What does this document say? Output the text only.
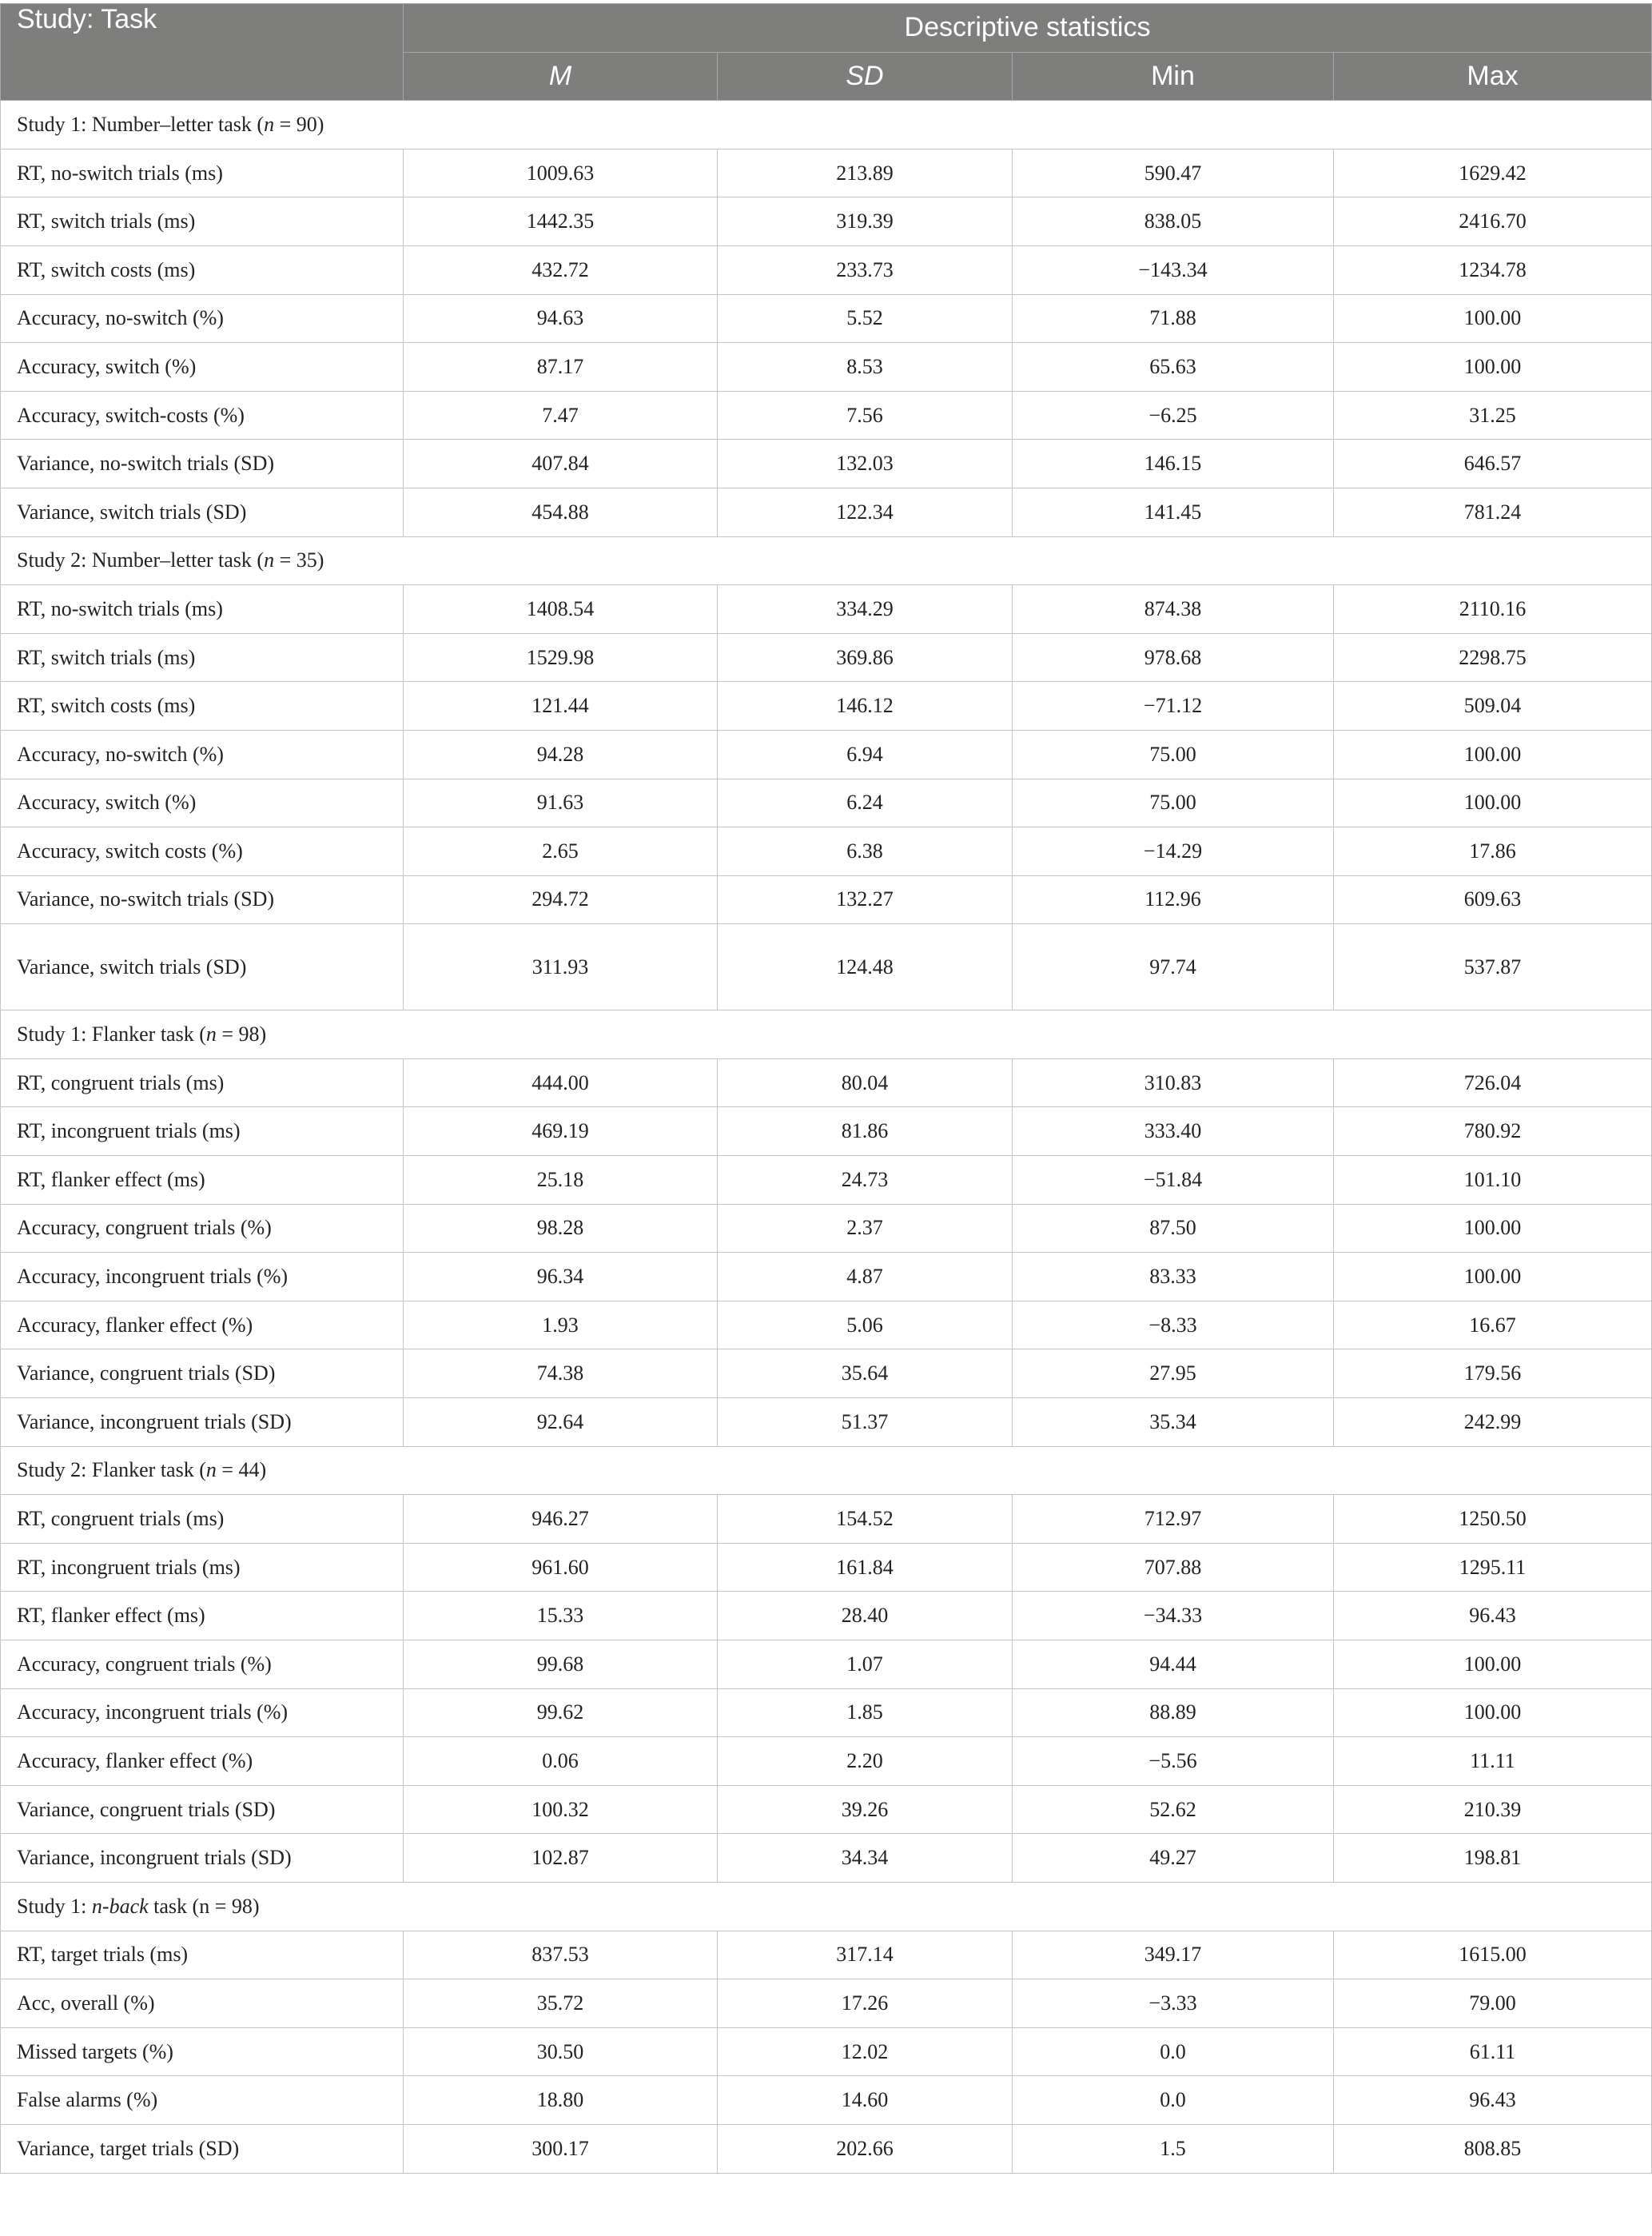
Study: Task	Descriptive statistics			
	M	SD	Min	Max
Study 1: Number–letter task (n = 90)				
RT, no-switch trials (ms)	1009.63	213.89	590.47	1629.42
RT, switch trials (ms)	1442.35	319.39	838.05	2416.70
RT, switch costs (ms)	432.72	233.73	−143.34	1234.78
Accuracy, no-switch (%)	94.63	5.52	71.88	100.00
Accuracy, switch (%)	87.17	8.53	65.63	100.00
Accuracy, switch-costs (%)	7.47	7.56	−6.25	31.25
Variance, no-switch trials (SD)	407.84	132.03	146.15	646.57
Variance, switch trials (SD)	454.88	122.34	141.45	781.24
Study 2: Number–letter task (n = 35)				
RT, no-switch trials (ms)	1408.54	334.29	874.38	2110.16
RT, switch trials (ms)	1529.98	369.86	978.68	2298.75
RT, switch costs (ms)	121.44	146.12	−71.12	509.04
Accuracy, no-switch (%)	94.28	6.94	75.00	100.00
Accuracy, switch (%)	91.63	6.24	75.00	100.00
Accuracy, switch costs (%)	2.65	6.38	−14.29	17.86
Variance, no-switch trials (SD)	294.72	132.27	112.96	609.63
Variance, switch trials (SD)	311.93	124.48	97.74	537.87
Study 1: Flanker task (n = 98)				
RT, congruent trials (ms)	444.00	80.04	310.83	726.04
RT, incongruent trials (ms)	469.19	81.86	333.40	780.92
RT, flanker effect (ms)	25.18	24.73	−51.84	101.10
Accuracy, congruent trials (%)	98.28	2.37	87.50	100.00
Accuracy, incongruent trials (%)	96.34	4.87	83.33	100.00
Accuracy, flanker effect (%)	1.93	5.06	−8.33	16.67
Variance, congruent trials (SD)	74.38	35.64	27.95	179.56
Variance, incongruent trials (SD)	92.64	51.37	35.34	242.99
Study 2: Flanker task (n = 44)				
RT, congruent trials (ms)	946.27	154.52	712.97	1250.50
RT, incongruent trials (ms)	961.60	161.84	707.88	1295.11
RT, flanker effect (ms)	15.33	28.40	−34.33	96.43
Accuracy, congruent trials (%)	99.68	1.07	94.44	100.00
Accuracy, incongruent trials (%)	99.62	1.85	88.89	100.00
Accuracy, flanker effect (%)	0.06	2.20	−5.56	11.11
Variance, congruent trials (SD)	100.32	39.26	52.62	210.39
Variance, incongruent trials (SD)	102.87	34.34	49.27	198.81
Study 1: n-back task (n = 98)				
RT, target trials (ms)	837.53	317.14	349.17	1615.00
Acc, overall (%)	35.72	17.26	−3.33	79.00
Missed targets (%)	30.50	12.02	0.0	61.11
False alarms (%)	18.80	14.60	0.0	96.43
Variance, target trials (SD)	300.17	202.66	1.5	808.85
